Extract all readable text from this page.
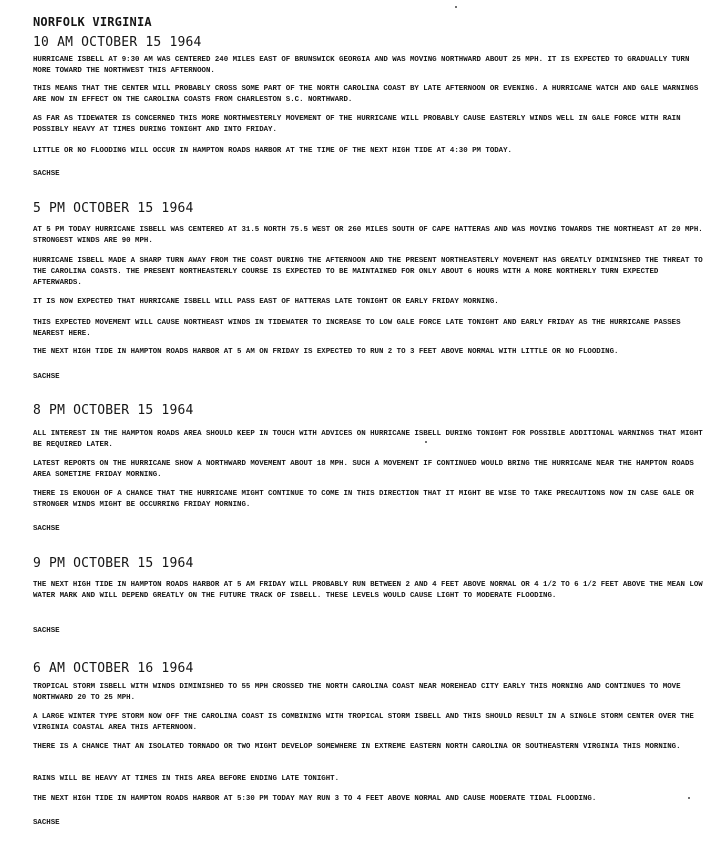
NORFOLK VIRGINIA
10 AM OCTOBER 15 1964
HURRICANE ISBELL AT 9:30 AM WAS CENTERED 240 MILES EAST OF BRUNSWICK GEORGIA AND WAS MOVING NORTHWARD ABOUT 25 MPH. IT IS EXPECTED TO GRADUALLY TURN MORE TOWARD THE NORTHWEST THIS AFTERNOON.
THIS MEANS THAT THE CENTER WILL PROBABLY CROSS SOME PART OF THE NORTH CAROLINA COAST BY LATE AFTERNOON OR EVENING. A HURRICANE WATCH AND GALE WARNINGS ARE NOW IN EFFECT ON THE CAROLINA COASTS FROM CHARLESTON S.C. NORTHWARD.
AS FAR AS TIDEWATER IS CONCERNED THIS MORE NORTHWESTERLY MOVEMENT OF THE HURRICANE WILL PROBABLY CAUSE EASTERLY WINDS WELL IN GALE FORCE WITH RAIN POSSIBLY HEAVY AT TIMES DURING TONIGHT AND INTO FRIDAY.
LITTLE OR NO FLOODING WILL OCCUR IN HAMPTON ROADS HARBOR AT THE TIME OF THE NEXT HIGH TIDE AT 4:30 PM TODAY.
SACHSE
5 PM OCTOBER 15 1964
AT 5 PM TODAY HURRICANE ISBELL WAS CENTERED AT 31.5 NORTH 75.5 WEST OR 260 MILES SOUTH OF CAPE HATTERAS AND WAS MOVING TOWARDS THE NORTHEAST AT 20 MPH. STRONGEST WINDS ARE 90 MPH.
HURRICANE ISBELL MADE A SHARP TURN AWAY FROM THE COAST DURING THE AFTERNOON AND THE PRESENT NORTHEASTERLY MOVEMENT HAS GREATLY DIMINISHED THE THREAT TO THE CAROLINA COASTS. THE PRESENT NORTHEASTERLY COURSE IS EXPECTED TO BE MAINTAINED FOR ONLY ABOUT 6 HOURS WITH A MORE NORTHERLY TURN EXPECTED AFTERWARDS.
IT IS NOW EXPECTED THAT HURRICANE ISBELL WILL PASS EAST OF HATTERAS LATE TONIGHT OR EARLY FRIDAY MORNING.
THIS EXPECTED MOVEMENT WILL CAUSE NORTHEAST WINDS IN TIDEWATER TO INCREASE TO LOW GALE FORCE LATE TONIGHT AND EARLY FRIDAY AS THE HURRICANE PASSES NEAREST HERE.
THE NEXT HIGH TIDE IN HAMPTON ROADS HARBOR AT 5 AM ON FRIDAY IS EXPECTED TO RUN 2 TO 3 FEET ABOVE NORMAL WITH LITTLE OR NO FLOODING.
SACHSE
8 PM OCTOBER 15 1964
ALL INTEREST IN THE HAMPTON ROADS AREA SHOULD KEEP IN TOUCH WITH ADVICES ON HURRICANE ISBELL DURING TONIGHT FOR POSSIBLE ADDITIONAL WARNINGS THAT MIGHT BE REQUIRED LATER.
LATEST REPORTS ON THE HURRICANE SHOW A NORTHWARD MOVEMENT ABOUT 18 MPH. SUCH A MOVEMENT IF CONTINUED WOULD BRING THE HURRICANE NEAR THE HAMPTON ROADS AREA SOMETIME FRIDAY MORNING.
THERE IS ENOUGH OF A CHANCE THAT THE HURRICANE MIGHT CONTINUE TO COME IN THIS DIRECTION THAT IT MIGHT BE WISE TO TAKE PRECAUTIONS NOW IN CASE GALE OR STRONGER WINDS MIGHT BE OCCURRING FRIDAY MORNING.
SACHSE
9 PM OCTOBER 15 1964
THE NEXT HIGH TIDE IN HAMPTON ROADS HARBOR AT 5 AM FRIDAY WILL PROBABLY RUN BETWEEN 2 AND 4 FEET ABOVE NORMAL OR 4 1/2 TO 6 1/2 FEET ABOVE THE MEAN LOW WATER MARK AND WILL DEPEND GREATLY ON THE FUTURE TRACK OF ISBELL. THESE LEVELS WOULD CAUSE LIGHT TO MODERATE FLOODING.
SACHSE
6 AM OCTOBER 16 1964
TROPICAL STORM ISBELL WITH WINDS DIMINISHED TO 55 MPH CROSSED THE NORTH CAROLINA COAST NEAR MOREHEAD CITY EARLY THIS MORNING AND CONTINUES TO MOVE NORTHWARD 20 TO 25 MPH.
A LARGE WINTER TYPE STORM NOW OFF THE CAROLINA COAST IS COMBINING WITH TROPICAL STORM ISBELL AND THIS SHOULD RESULT IN A SINGLE STORM CENTER OVER THE VIRGINIA COASTAL AREA THIS AFTERNOON.
THERE IS A CHANCE THAT AN ISOLATED TORNADO OR TWO MIGHT DEVELOP SOMEWHERE IN EXTREME EASTERN NORTH CAROLINA OR SOUTHEASTERN VIRGINIA THIS MORNING.
RAINS WILL BE HEAVY AT TIMES IN THIS AREA BEFORE ENDING LATE TONIGHT.
THE NEXT HIGH TIDE IN HAMPTON ROADS HARBOR AT 5:30 PM TODAY MAY RUN 3 TO 4 FEET ABOVE NORMAL AND CAUSE MODERATE TIDAL FLOODING.
SACHSE
